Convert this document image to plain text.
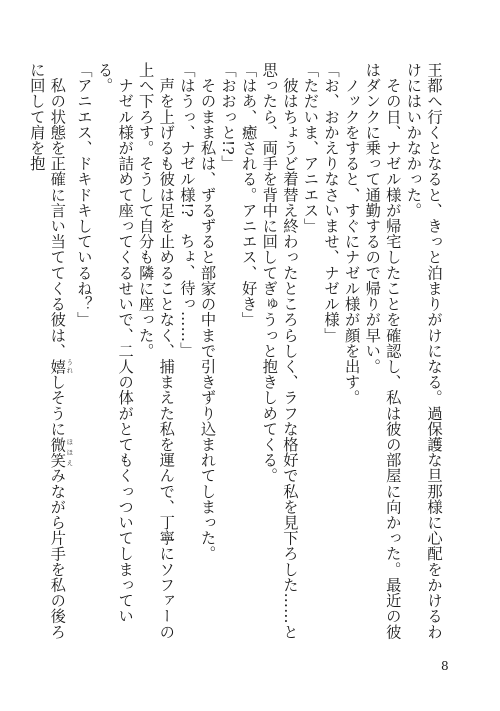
王都へ行くとなると、きっと泊まりがけになる。過保護な旦那様に心配をかけるわけにはいかなかった。

　その日、ナゼル様が帰宅したことを確認し、私は彼の部屋に向かった。最近の彼はダンクに乗って通勤するので帰りが早い。

　ノックをすると、すぐにナゼル様が顔を出す。

「お、おかえりなさいませ、ナゼル様」

「ただいま、アニエス」

　彼はちょうど着替え終わったところらしく、ラフな格好で私を見下ろした……と思ったら、両手を背中に回してぎゅうっと抱きしめてくる。

「はあ、癒される。アニエス、好き」

「おおっと!?」

　そのまま私は、ずるずると部家の中まで引きずり込まれてしまった。

「はうっ、ナゼル様!?　ちょ、待っ……」

　声を上げるも彼は足を止めることなく、捕まえた私を運んで、丁寧にソファーの上へ下ろす。そうして自分も隣に座った。

　ナゼル様が詰めて座ってくるせいで、二人の体がとてもくっついてしまっている。

「アニエス、ドキドキしているね？」

　私の状態を正確に言い当ててくる彼は、嬉 うれしそうに微笑 ほほえみながら片手を私の後ろに回して肩を抱

8
